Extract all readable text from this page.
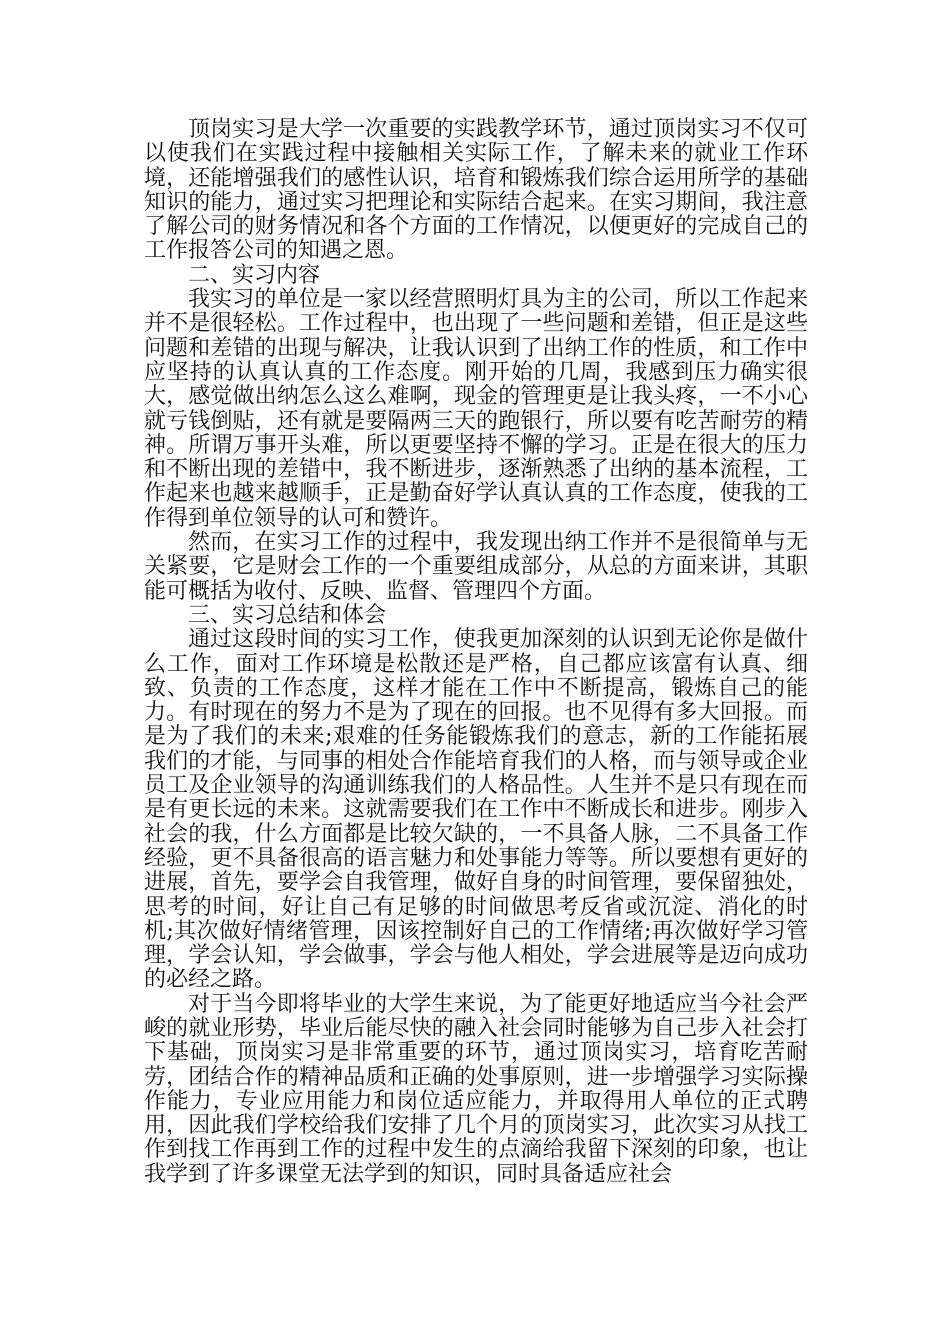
顶岗实习是大学一次重要的实践教学环节，通过顶岗实习不仅可以使我们在实践过程中接触相关实际工作，了解未来的就业工作环境，还能增强我们的感性认识，培育和锻炼我们综合运用所学的基础知识的能力，通过实习把理论和实际结合起来。在实习期间，我注意了解公司的财务情况和各个方面的工作情况，以便更好的完成自己的工作报答公司的知遇之恩。

二、实习内容

我实习的单位是一家以经营照明灯具为主的公司，所以工作起来并不是很轻松。工作过程中，也出现了一些问题和差错，但正是这些问题和差错的出现与解决，让我认识到了出纳工作的性质，和工作中应坚持的认真认真的工作态度。刚开始的几周，我感到压力确实很大，感觉做出纳怎么这么难啊，现金的管理更是让我头疼，一不小心就亏钱倒贴，还有就是要隔两三天的跑银行，所以要有吃苦耐劳的精神。所谓万事开头难，所以更要坚持不懈的学习。正是在很大的压力和不断出现的差错中，我不断进步，逐渐熟悉了出纳的基本流程，工作起来也越来越顺手，正是勤奋好学认真认真的工作态度，使我的工作得到单位领导的认可和赞许。

然而，在实习工作的过程中，我发现出纳工作并不是很简单与无关紧要，它是财会工作的一个重要组成部分，从总的方面来讲，其职能可概括为收付、反映、监督、管理四个方面。

三、实习总结和体会

通过这段时间的实习工作，使我更加深刻的认识到无论你是做什么工作，面对工作环境是松散还是严格，自己都应该富有认真、细致、负责的工作态度，这样才能在工作中不断提高，锻炼自己的能力。有时现在的努力不是为了现在的回报。也不见得有多大回报。而是为了我们的未来;艰难的任务能锻炼我们的意志，新的工作能拓展我们的才能，与同事的相处合作能培育我们的人格，而与领导或企业员工及企业领导的沟通训练我们的人格品性。人生并不是只有现在而是有更长远的未来。这就需要我们在工作中不断成长和进步。刚步入社会的我，什么方面都是比较欠缺的，一不具备人脉，二不具备工作经验，更不具备很高的语言魅力和处事能力等等。所以要想有更好的进展，首先，要学会自我管理，做好自身的时间管理，要保留独处，思考的时间，好让自己有足够的时间做思考反省或沉淀、消化的时机;其次做好情绪管理，因该控制好自己的工作情绪;再次做好学习管理，学会认知，学会做事，学会与他人相处，学会进展等是迈向成功的必经之路。

对于当今即将毕业的大学生来说，为了能更好地适应当今社会严峻的就业形势，毕业后能尽快的融入社会同时能够为自己步入社会打下基础，顶岗实习是非常重要的环节，通过顶岗实习，培育吃苦耐劳，团结合作的精神品质和正确的处事原则，进一步增强学习实际操作能力，专业应用能力和岗位适应能力，并取得用人单位的正式聘用，因此我们学校给我们安排了几个月的顶岗实习，此次实习从找工作到找工作再到工作的过程中发生的点滴给我留下深刻的印象，也让我学到了许多课堂无法学到的知识，同时具备适应社会
